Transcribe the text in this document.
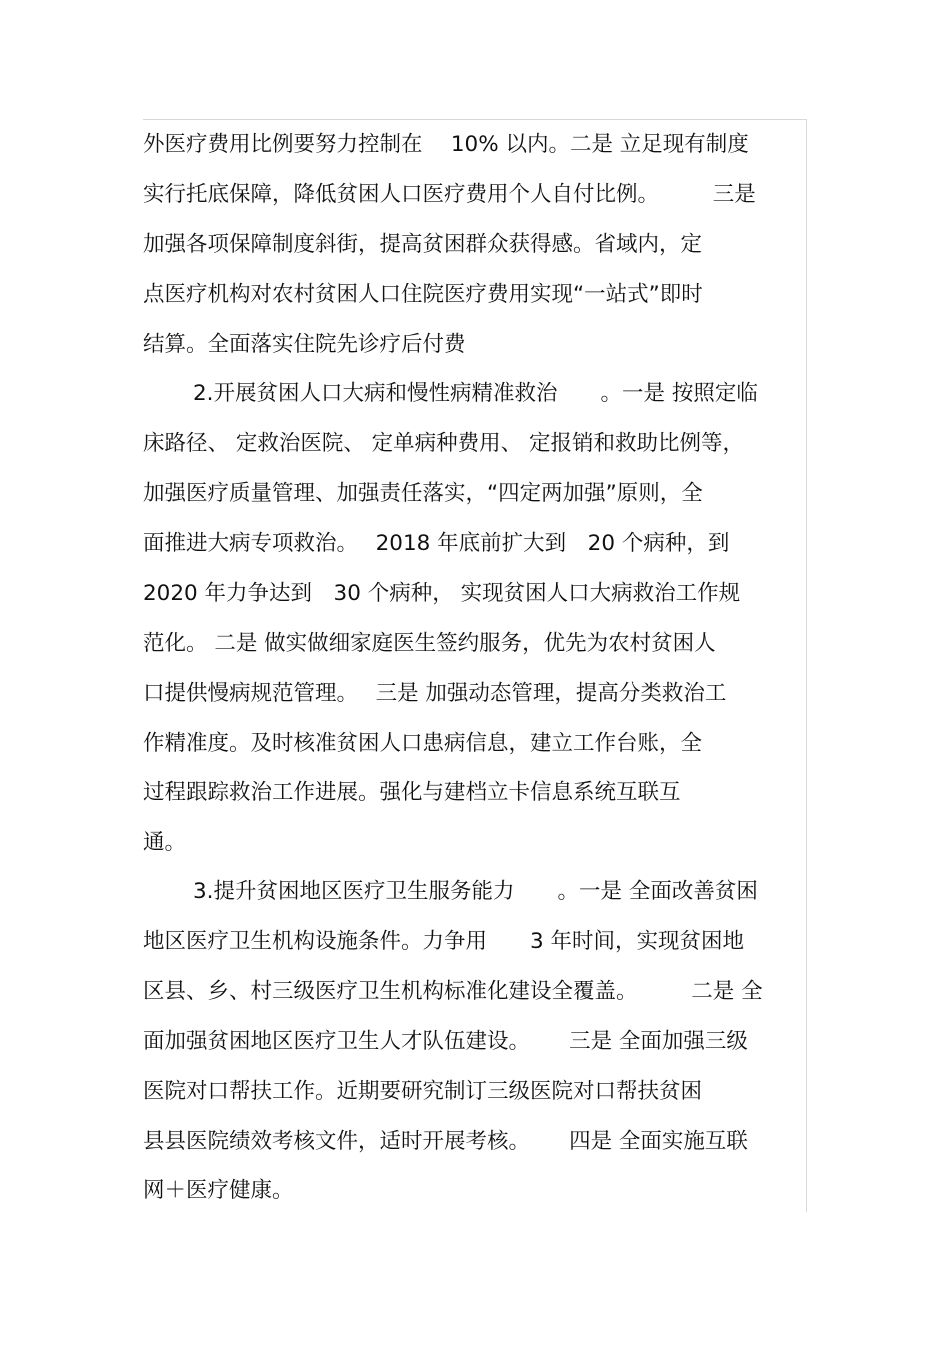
外医疗费用比例要努力控制在 　10% 以内。二是 立足现有制度
实行托底保障，降低贫困人口医疗费用个人自付比例。　　　三是
加强各项保障制度斜街，提高贫困群众获得感。省域内，定
点医疗机构对农村贫困人口住院医疗费用实现“一站式”即时
结算。全面落实住院先诊疗后付费
2.开展贫困人口大病和慢性病精准救治　　。一是 按照定临
床路径、 定救治医院、 定单病种费用、 定报销和救助比例等，
加强医疗质量管理、加强责任落实，“四定两加强”原则，全
面推进大病专项救治。　 2018 年底前扩大到　20 个病种，到
2020 年力争达到　30 个病种， 实现贫困人口大病救治工作规
范化。 二是 做实做细家庭医生签约服务，优先为农村贫困人
口提供慢病规范管理。　 三是 加强动态管理，提高分类救治工
作精准度。及时核准贫困人口患病信息，建立工作台账，全
过程跟踪救治工作进展。强化与建档立卡信息系统互联互
通。
3.提升贫困地区医疗卫生服务能力　　。一是 全面改善贫困
地区医疗卫生机构设施条件。力争用　　3 年时间，实现贫困地
区县、乡、村三级医疗卫生机构标准化建设全覆盖。　　　二是 全
面加强贫困地区医疗卫生人才队伍建设。　　 三是 全面加强三级
医院对口帮扶工作。近期要研究制订三级医院对口帮扶贫困
县县医院绩效考核文件，适时开展考核。　　 四是 全面实施互联
网＋医疗健康。
